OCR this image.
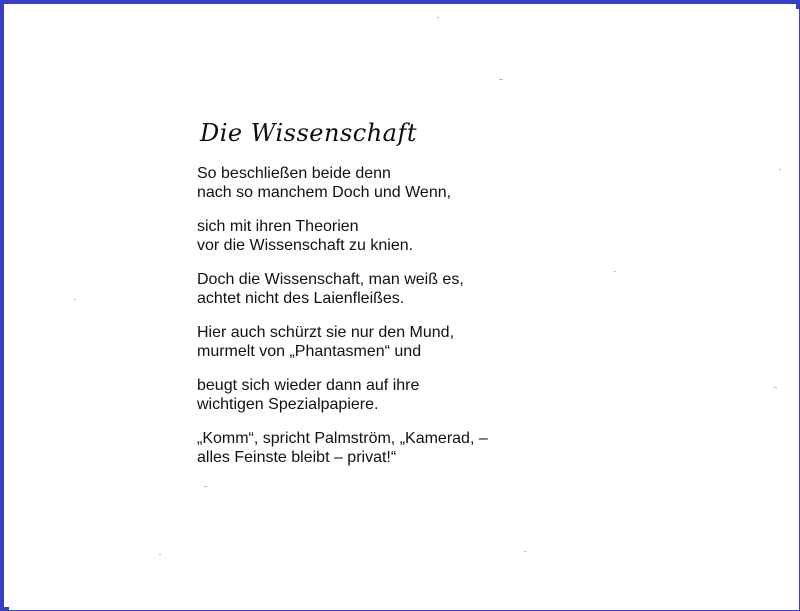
Die Wissenschaft
So beschließen beide denn
nach so manchem Doch und Wenn,
sich mit ihren Theorien
vor die Wissenschaft zu knien.
Doch die Wissenschaft, man weiß es,
achtet nicht des Laienfleißes.
Hier auch schürzt sie nur den Mund,
murmelt von „Phantasmen“ und
beugt sich wieder dann auf ihre
wichtigen Spezialpapiere.
„Komm“, spricht Palmström, „Kamerad, –
alles Feinste bleibt – privat!“
